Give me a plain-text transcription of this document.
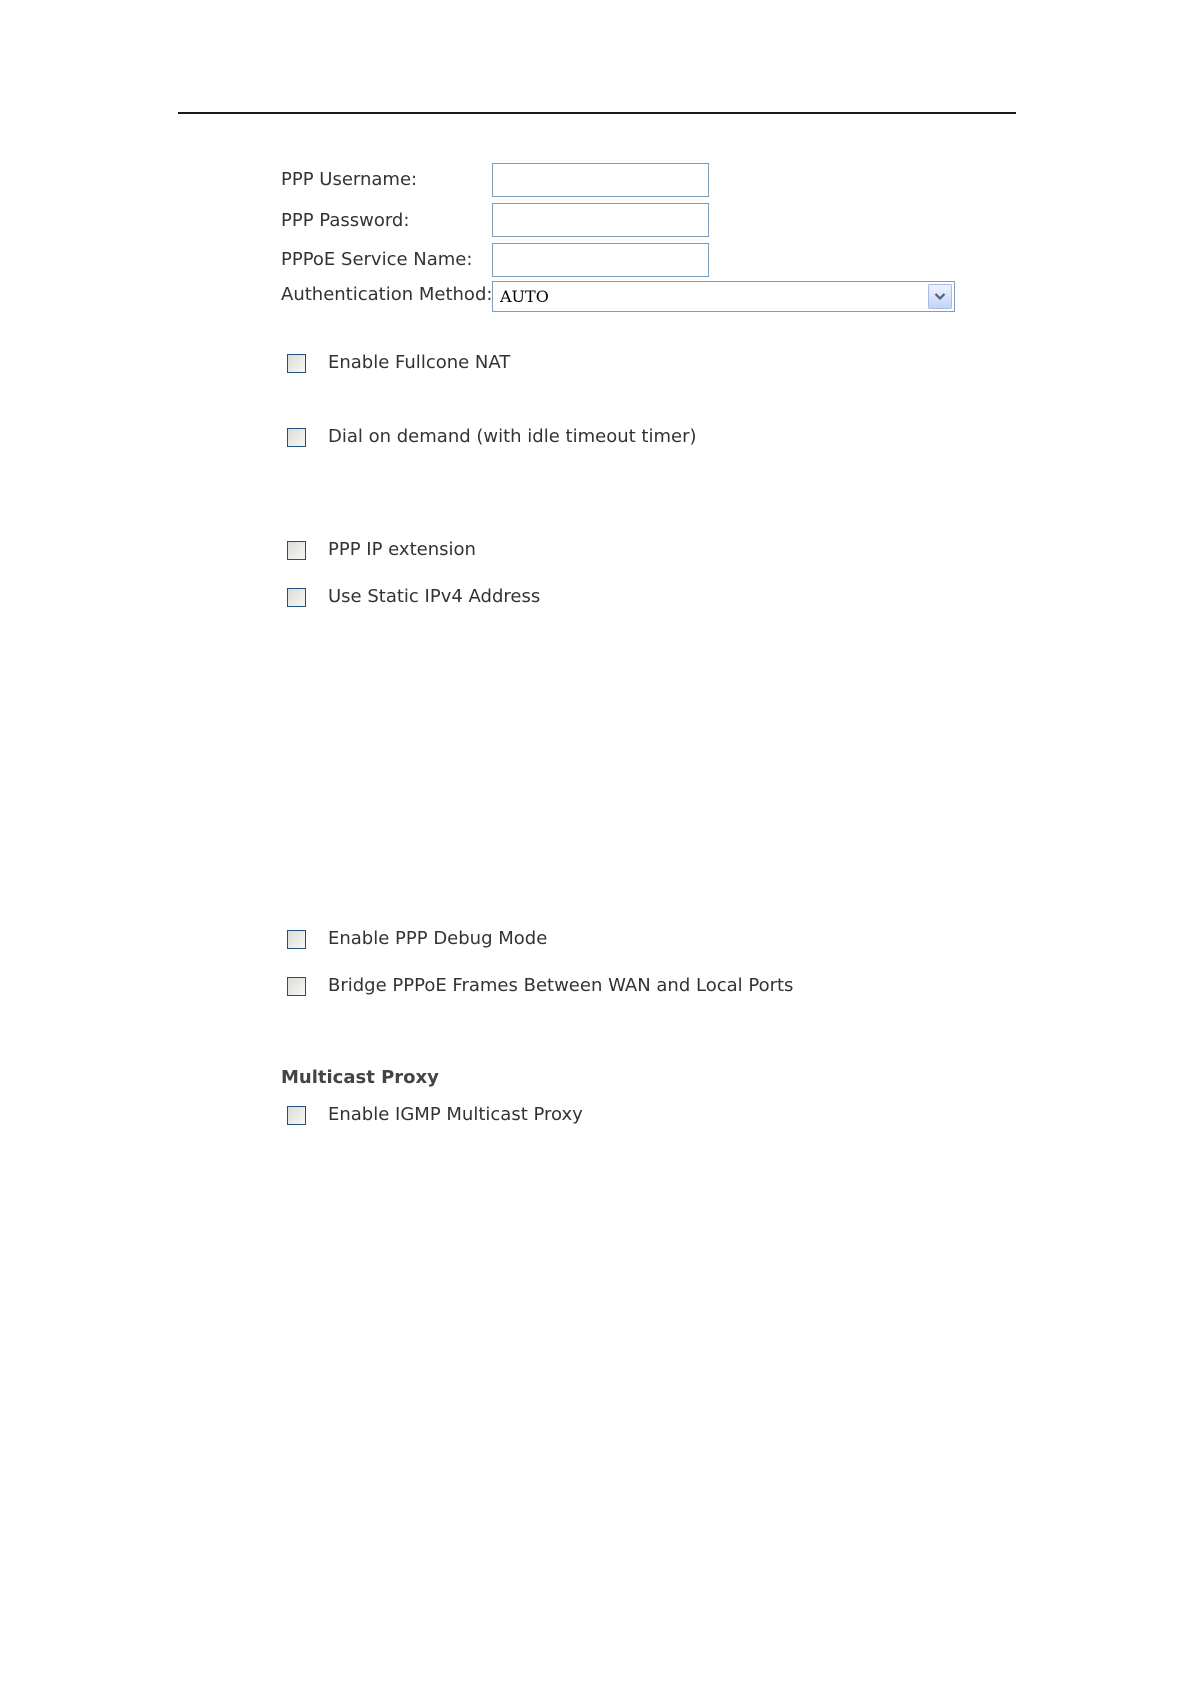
PPP Username:
PPP Password:
PPPoE Service Name:
Authentication Method: AUTO
Enable Fullcone NAT
Dial on demand (with idle timeout timer)
PPP IP extension
Use Static IPv4 Address
Enable PPP Debug Mode
Bridge PPPoE Frames Between WAN and Local Ports
Multicast Proxy
Enable IGMP Multicast Proxy
